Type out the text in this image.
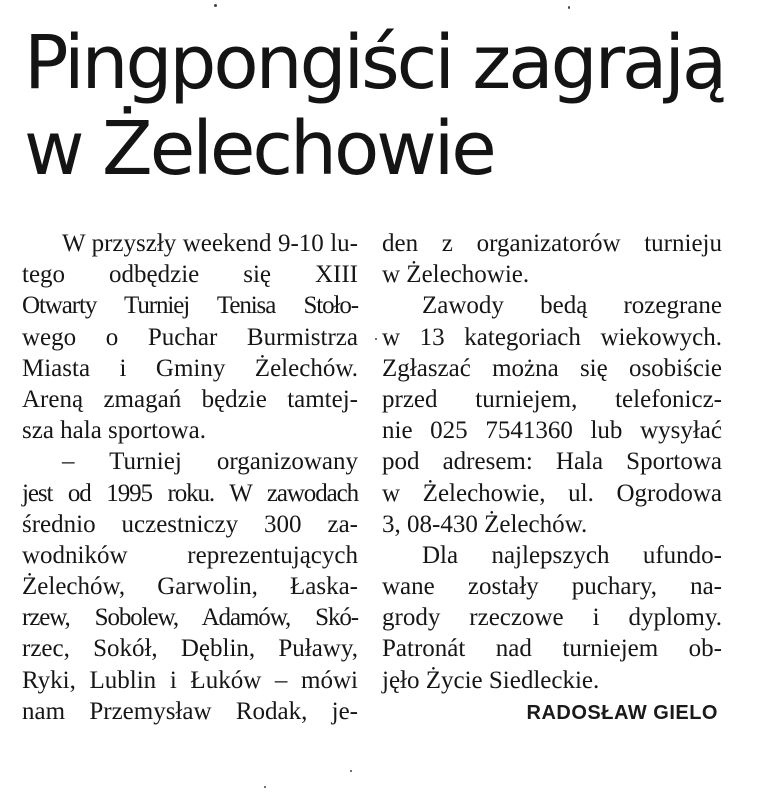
Pingpongiści zagrają
w Żelechowie
W przyszły weekend 9-10 lu-
tego odbędzie się XIII
Otwarty Turniej Tenisa Stoło-
wego o Puchar Burmistrza
Miasta i Gminy Żelechów.
Areną zmagań będzie tamtej-
sza hala sportowa.
– Turniej organizowany
jest od 1995 roku. W zawodach
średnio uczestniczy 300 za-
wodników reprezentujących
Żelechów, Garwolin, Łaska-
rzew, Sobolew, Adamów, Skó-
rzec, Sokół, Dęblin, Puławy,
Ryki, Lublin i Łuków – mówi
nam Przemysław Rodak, je-
den z organizatorów turnieju
w Żelechowie.
Zawody bedą rozegrane
w 13 kategoriach wiekowych.
Zgłaszać można się osobiście
przed turniejem, telefonicz-
nie 025 7541360 lub wysyłać
pod adresem: Hala Sportowa
w Żelechowie, ul. Ogrodowa
3, 08-430 Żelechów.
Dla najlepszych ufundo-
wane zostały puchary, na-
grody rzeczowe i dyplomy.
Patronát nad turniejem ob-
jęło Życie Siedleckie.
RADOSŁAW GIELO
